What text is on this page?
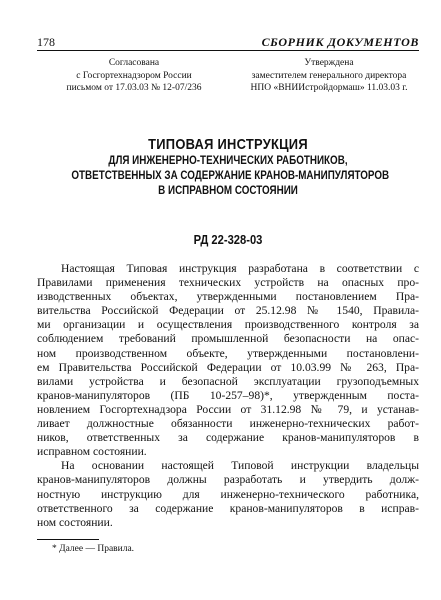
178	СБОРНИК ДОКУМЕНТОВ
Согласована
с Госгортехнадзором России
письмом от 17.03.03 № 12-07/236
Утверждена
заместителем генерального директора
НПО «ВНИИстройдормаш» 11.03.03 г.
ТИПОВАЯ ИНСТРУКЦИЯ
ДЛЯ ИНЖЕНЕРНО-ТЕХНИЧЕСКИХ РАБОТНИКОВ,
ОТВЕТСТВЕННЫХ ЗА СОДЕРЖАНИЕ КРАНОВ-МАНИПУЛЯТОРОВ
В ИСПРАВНОМ СОСТОЯНИИ
РД 22-328-03
Настоящая Типовая инструкция разработана в соответствии с
Правилами применения технических устройств на опасных про-
изводственных объектах, утвержденными постановлением Пра-
вительства Российской Федерации от 25.12.98 № 1540, Правила-
ми организации и осуществления производственного контроля за
соблюдением требований промышленной безопасности на опас-
ном производственном объекте, утвержденными постановлени-
ем Правительства Российской Федерации от 10.03.99 № 263, Пра-
вилами устройства и безопасной эксплуатации грузоподъемных
кранов-манипуляторов (ПБ 10-257–98)*, утвержденным поста-
новлением Госгортехнадзора России от 31.12.98 № 79, и устанав-
ливает должностные обязанности инженерно-технических работ-
ников, ответственных за содержание кранов-манипуляторов в
исправном состоянии.
На основании настоящей Типовой инструкции владельцы
кранов-манипуляторов должны разработать и утвердить долж-
ностную инструкцию для инженерно-технического работника,
ответственного за содержание кранов-манипуляторов в исправ-
ном состоянии.
* Далее — Правила.
